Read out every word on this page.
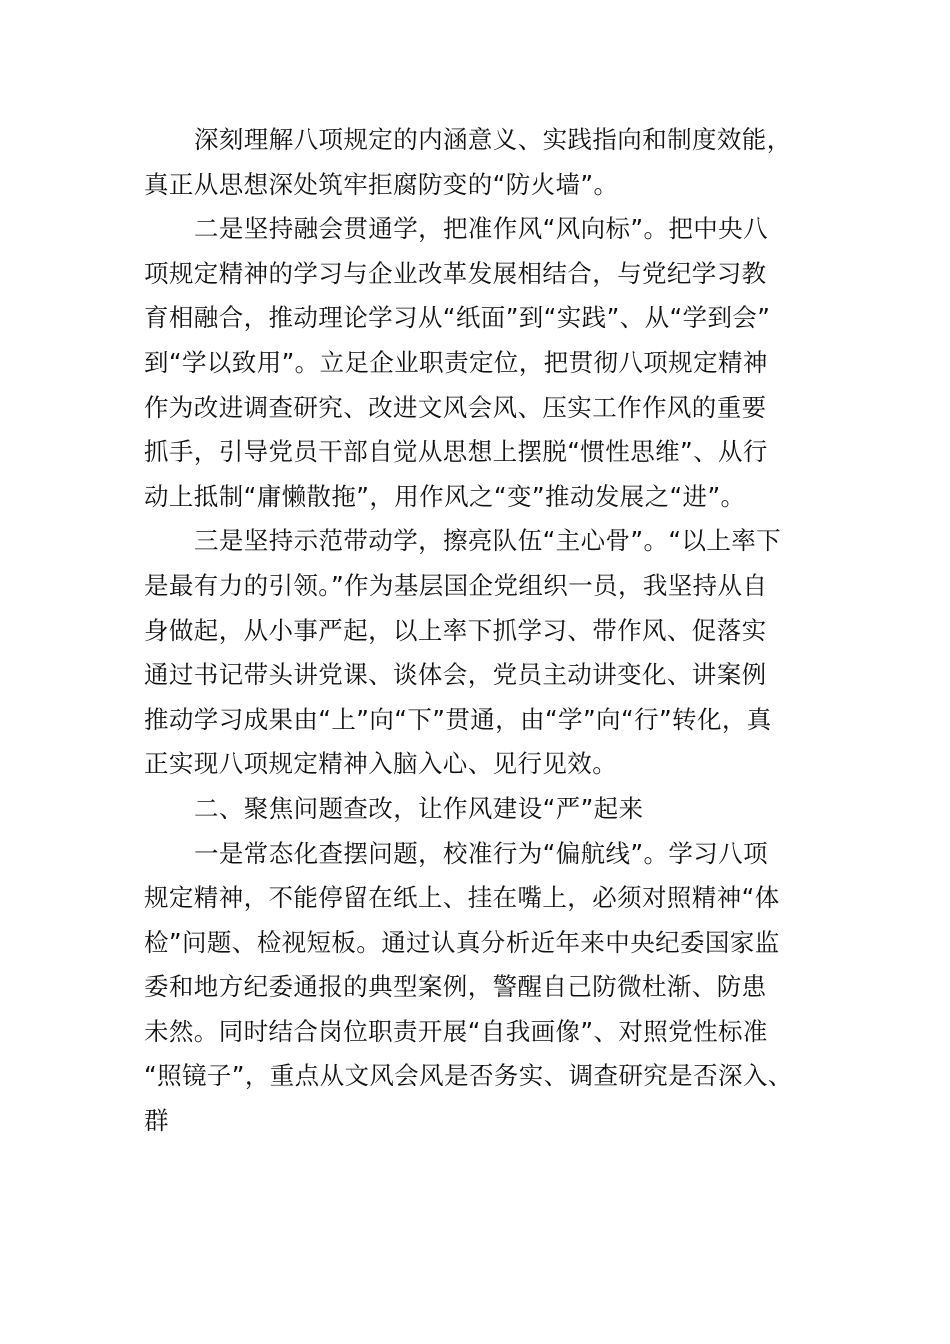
深刻理解八项规定的内涵意义、实践指向和制度效能，
真正从思想深处筑牢拒腐防变的“防火墙”。
二是坚持融会贯通学，把准作风“风向标”。把中央八
项规定精神的学习与企业改革发展相结合，与党纪学习教
育相融合，推动理论学习从“纸面”到“实践”、从“学到会”
到“学以致用”。立足企业职责定位，把贯彻八项规定精神
作为改进调查研究、改进文风会风、压实工作作风的重要
抓手，引导党员干部自觉从思想上摆脱“惯性思维”、从行
动上抵制“庸懒散拖”，用作风之“变”推动发展之“进”。
三是坚持示范带动学，擦亮队伍“主心骨”。“以上率下
是最有力的引领。”作为基层国企党组织一员，我坚持从自
身做起，从小事严起，以上率下抓学习、带作风、促落实
通过书记带头讲党课、谈体会，党员主动讲变化、讲案例
推动学习成果由“上”向“下”贯通，由“学”向“行”转化，真
正实现八项规定精神入脑入心、见行见效。
二、聚焦问题查改，让作风建设“严”起来
一是常态化查摆问题，校准行为“偏航线”。学习八项
规定精神，不能停留在纸上、挂在嘴上，必须对照精神“体
检”问题、检视短板。通过认真分析近年来中央纪委国家监
委和地方纪委通报的典型案例，警醒自己防微杜渐、防患
未然。同时结合岗位职责开展“自我画像”、对照党性标准
“照镜子”，重点从文风会风是否务实、调查研究是否深入、
群
